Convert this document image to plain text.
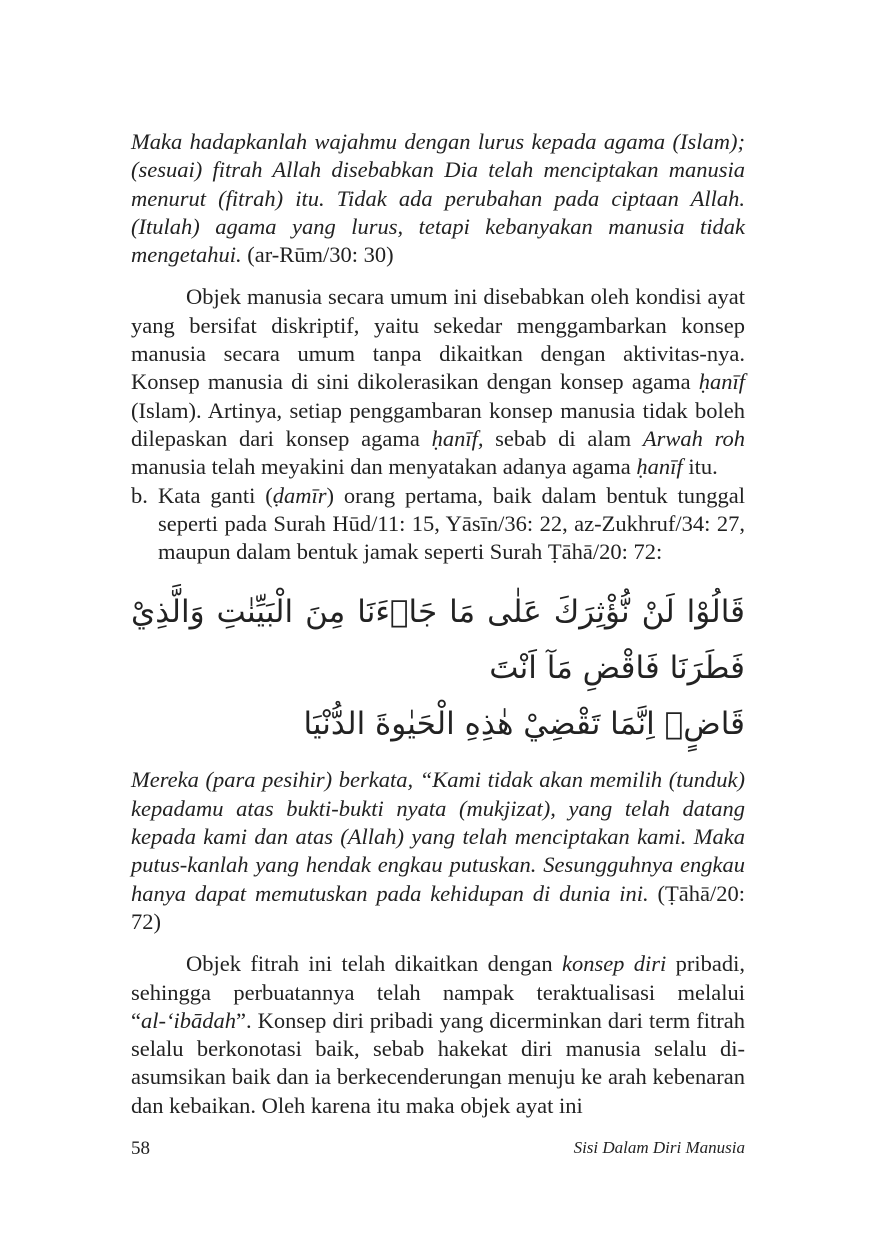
Maka hadapkanlah wajahmu dengan lurus kepada agama (Islam); (sesuai) fitrah Allah disebabkan Dia telah menciptakan manusia menurut (fitrah) itu. Tidak ada perubahan pada ciptaan Allah. (Itulah) agama yang lurus, tetapi kebanyakan manusia tidak mengetahui. (ar-Rūm/30: 30)

Objek manusia secara umum ini disebabkan oleh kondisi ayat yang bersifat diskriptif, yaitu sekedar menggambarkan konsep manusia secara umum tanpa dikaitkan dengan aktivitas-nya. Konsep manusia di sini dikolerasikan dengan konsep agama ḥanīf (Islam). Artinya, setiap penggambaran konsep manusia tidak boleh dilepaskan dari konsep agama ḥanīf, sebab di alam Arwah roh manusia telah meyakini dan menyatakan adanya agama ḥanīf itu.

b. Kata ganti (ḍamīr) orang pertama, baik dalam bentuk tunggal seperti pada Surah Hūd/11: 15, Yāsīn/36: 22, az-Zukhruf/34: 27, maupun dalam bentuk jamak seperti Surah Ṭāhā/20: 72:

قَالُوْا لَنْ نُّؤْثِرَكَ عَلٰى مَا جَاۤءَنَا مِنَ الْبَيِّنٰتِ وَالَّذِيْ فَطَرَنَا فَاقْضِ مَآ اَنْتَ
قَاضٍۗ اِنَّمَا تَقْضِيْ هٰذِهِ الْحَيٰوةَ الدُّنْيَا

Mereka (para pesihir) berkata, “Kami tidak akan memilih (tunduk) kepadamu atas bukti-bukti nyata (mukjizat), yang telah datang kepada kami dan atas (Allah) yang telah menciptakan kami. Maka putus-kanlah yang hendak engkau putuskan. Sesungguhnya engkau hanya dapat memutuskan pada kehidupan di dunia ini. (Ṭāhā/20: 72)

Objek fitrah ini telah dikaitkan dengan konsep diri pribadi, sehingga perbuatannya telah nampak teraktualisasi melalui “al-‘ibādah”. Konsep diri pribadi yang dicerminkan dari term fitrah selalu berkonotasi baik, sebab hakekat diri manusia selalu di-asumsikan baik dan ia berkecenderungan menuju ke arah kebenaran dan kebaikan. Oleh karena itu maka objek ayat ini

58	Sisi Dalam Diri Manusia
